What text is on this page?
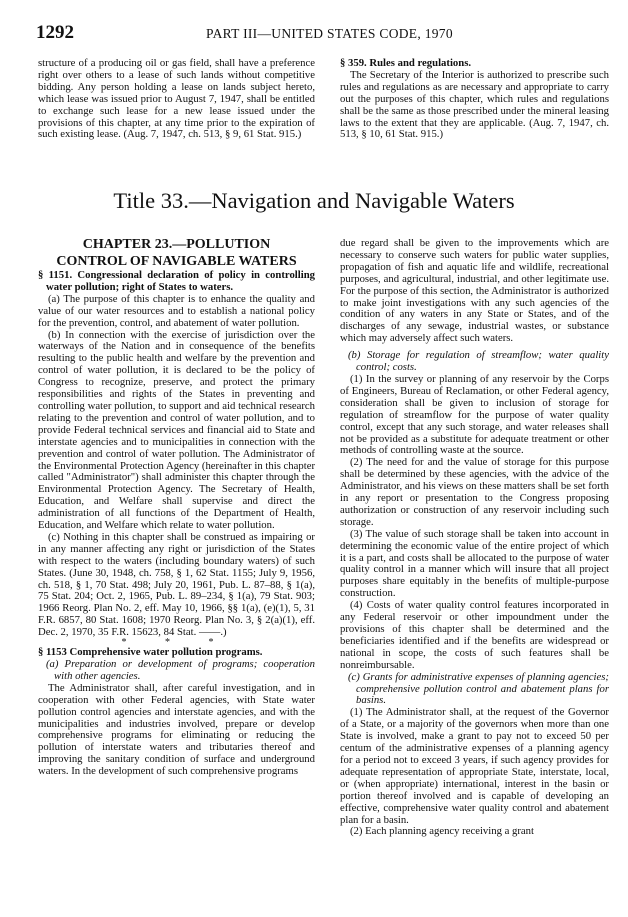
1292	PART III—UNITED STATES CODE, 1970

structure of a producing oil or gas field, shall have a preference right over others to a lease of such lands without competitive bidding. Any person holding a lease on lands subject hereto, which lease was issued prior to August 7, 1947, shall be entitled to exchange such lease for a new lease issued under the provisions of this chapter, at any time prior to the expiration of such existing lease. (Aug. 7, 1947, ch. 513, § 9, 61 Stat. 915.)

§ 359. Rules and regulations.

The Secretary of the Interior is authorized to prescribe such rules and regulations as are necessary and appropriate to carry out the purposes of this chapter, which rules and regulations shall be the same as those prescribed under the mineral leasing laws to the extent that they are applicable. (Aug. 7, 1947, ch. 513, § 10, 61 Stat. 915.)

Title 33.—Navigation and Navigable Waters

CHAPTER 23.—POLLUTION
CONTROL OF NAVIGABLE WATERS

§ 1151. Congressional declaration of policy in controlling water pollution; right of States to waters.

(a) The purpose of this chapter is to enhance the quality and value of our water resources and to establish a national policy for the prevention, control, and abatement of water pollution.

(b) In connection with the exercise of jurisdiction over the waterways of the Nation and in consequence of the benefits resulting to the public health and welfare by the prevention and control of water pollution, it is declared to be the policy of Congress to recognize, preserve, and protect the primary responsibilities and rights of the States in preventing and controlling water pollution, to support and aid technical research relating to the prevention and control of water pollution, and to provide Federal technical services and financial aid to State and interstate agencies and to municipalities in connection with the prevention and control of water pollution. The Administrator of the Environmental Protection Agency (hereinafter in this chapter called "Administrator") shall administer this chapter through the Environmental Protection Agency. The Secretary of Health, Education, and Welfare shall supervise and direct the administration of all functions of the Department of Health, Education, and Welfare which relate to water pollution.

(c) Nothing in this chapter shall be construed as impairing or in any manner affecting any right or jurisdiction of the States with respect to the waters (including boundary waters) of such States. (June 30, 1948, ch. 758, § 1, 62 Stat. 1155; July 9, 1956, ch. 518, § 1, 70 Stat. 498; July 20, 1961, Pub. L. 87–88, § 1(a), 75 Stat. 204; Oct. 2, 1965, Pub. L. 89–234, § 1(a), 79 Stat. 903; 1966 Reorg. Plan No. 2, eff. May 10, 1966, §§ 1(a), (e)(1), 5, 31 F.R. 6857, 80 Stat. 1608; 1970 Reorg. Plan No. 3, § 2(a)(1), eff. Dec. 2, 1970, 35 F.R. 15623, 84 Stat. ——.)

* * *

§ 1153 Comprehensive water pollution programs.

(a) Preparation or development of programs; cooperation with other agencies.

The Administrator shall, after careful investigation, and in cooperation with other Federal agencies, with State water pollution control agencies and interstate agencies, and with the municipalities and industries involved, prepare or develop comprehensive programs for eliminating or reducing the pollution of interstate waters and tributaries thereof and improving the sanitary condition of surface and underground waters. In the development of such comprehensive programs

due regard shall be given to the improvements which are necessary to conserve such waters for public water supplies, propagation of fish and aquatic life and wildlife, recreational purposes, and agricultural, industrial, and other legitimate use. For the purpose of this section, the Administrator is authorized to make joint investigations with any such agencies of the condition of any waters in any State or States, and of the discharges of any sewage, industrial wastes, or substance which may adversely affect such waters.

(b) Storage for regulation of streamflow; water quality control; costs.

(1) In the survey or planning of any reservoir by the Corps of Engineers, Bureau of Reclamation, or other Federal agency, consideration shall be given to inclusion of storage for regulation of streamflow for the purpose of water quality control, except that any such storage, and water releases shall not be provided as a substitute for adequate treatment or other methods of controlling waste at the source.

(2) The need for and the value of storage for this purpose shall be determined by these agencies, with the advice of the Administrator, and his views on these matters shall be set forth in any report or presentation to the Congress proposing authorization or construction of any reservoir including such storage.

(3) The value of such storage shall be taken into account in determining the economic value of the entire project of which it is a part, and costs shall be allocated to the purpose of water quality control in a manner which will insure that all project purposes share equitably in the benefits of multiple-purpose construction.

(4) Costs of water quality control features incorporated in any Federal reservoir or other impoundment under the provisions of this chapter shall be determined and the beneficiaries identified and if the benefits are widespread or national in scope, the costs of such features shall be nonreimbursable.

(c) Grants for administrative expenses of planning agencies; comprehensive pollution control and abatement plans for basins.

(1) The Administrator shall, at the request of the Governor of a State, or a majority of the governors when more than one State is involved, make a grant to pay not to exceed 50 per centum of the administrative expenses of a planning agency for a period not to exceed 3 years, if such agency provides for adequate representation of appropriate State, interstate, local, or (when appropriate) international, interest in the basin or portion thereof involved and is capable of developing an effective, comprehensive water quality control and abatement plan for a basin.

(2) Each planning agency receiving a grant
